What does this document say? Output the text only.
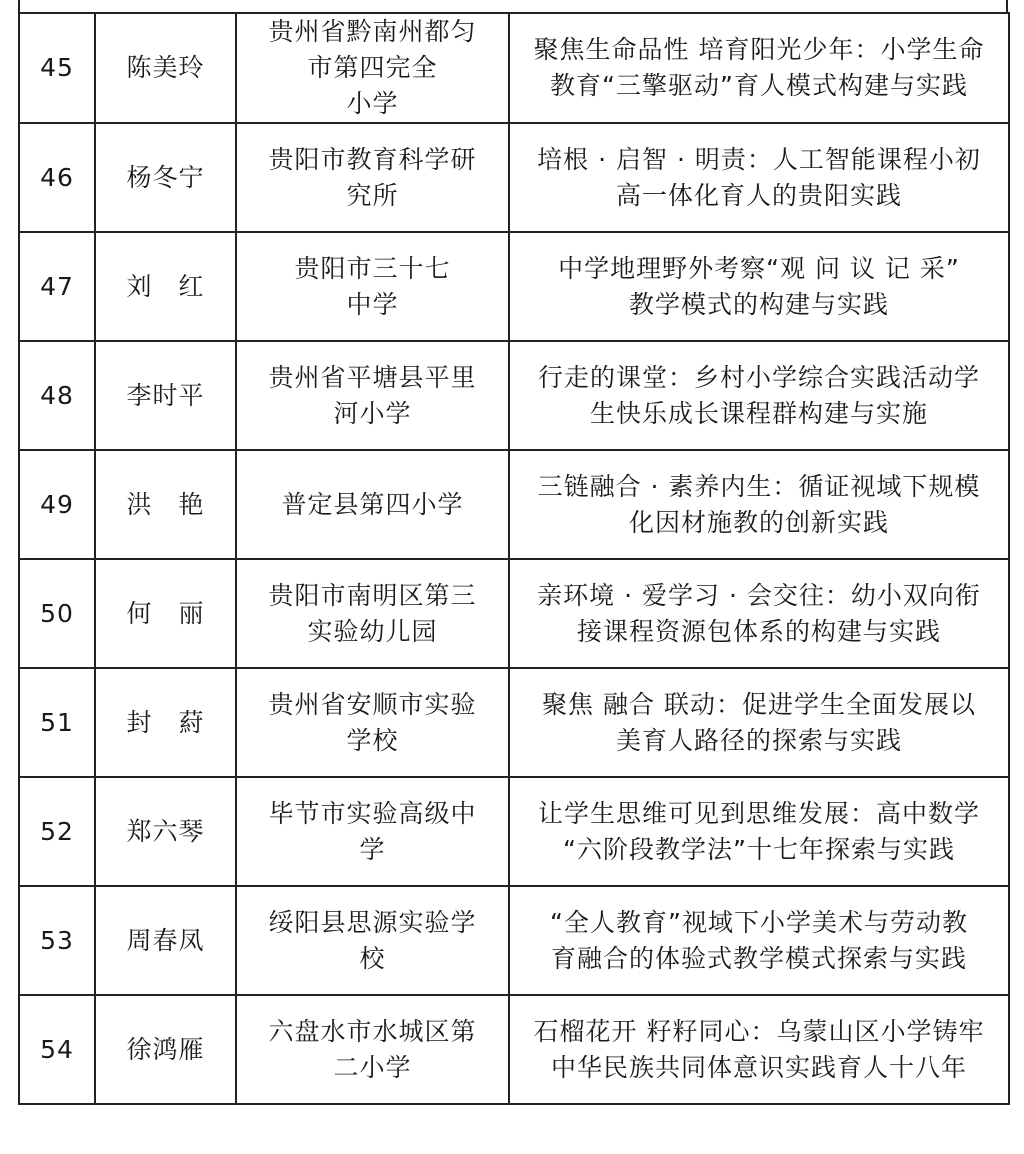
45	陈美玲	贵州省黔南州都匀
市第四完全
小学	聚焦生命品性 培育阳光少年：小学生命
教育“三擎驱动”育人模式构建与实践

46	杨冬宁	贵阳市教育科学研
究所	培根 · 启智 · 明责：人工智能课程小初
高一体化育人的贵阳实践

47	刘　红	贵阳市三十七
中学	中学地理野外考察“观 问 议 记 采”
教学模式的构建与实践

48	李时平	贵州省平塘县平里
河小学	行走的课堂：乡村小学综合实践活动学
生快乐成长课程群构建与实施

49	洪　艳	普定县第四小学	三链融合 · 素养内生：循证视域下规模
化因材施教的创新实践

50	何　丽	贵阳市南明区第三
实验幼儿园	亲环境 · 爱学习 · 会交往：幼小双向衔
接课程资源包体系的构建与实践

51	封　葤	贵州省安顺市实验
学校	聚焦 融合 联动：促进学生全面发展以
美育人路径的探索与实践

52	郑六琴	毕节市实验高级中
学	让学生思维可见到思维发展：高中数学
“六阶段教学法”十七年探索与实践

53	周春凤	绥阳县思源实验学
校	“全人教育”视域下小学美术与劳动教
育融合的体验式教学模式探索与实践

54	徐鸿雁	六盘水市水城区第
二小学	石榴花开 籽籽同心：乌蒙山区小学铸牢
中华民族共同体意识实践育人十八年
